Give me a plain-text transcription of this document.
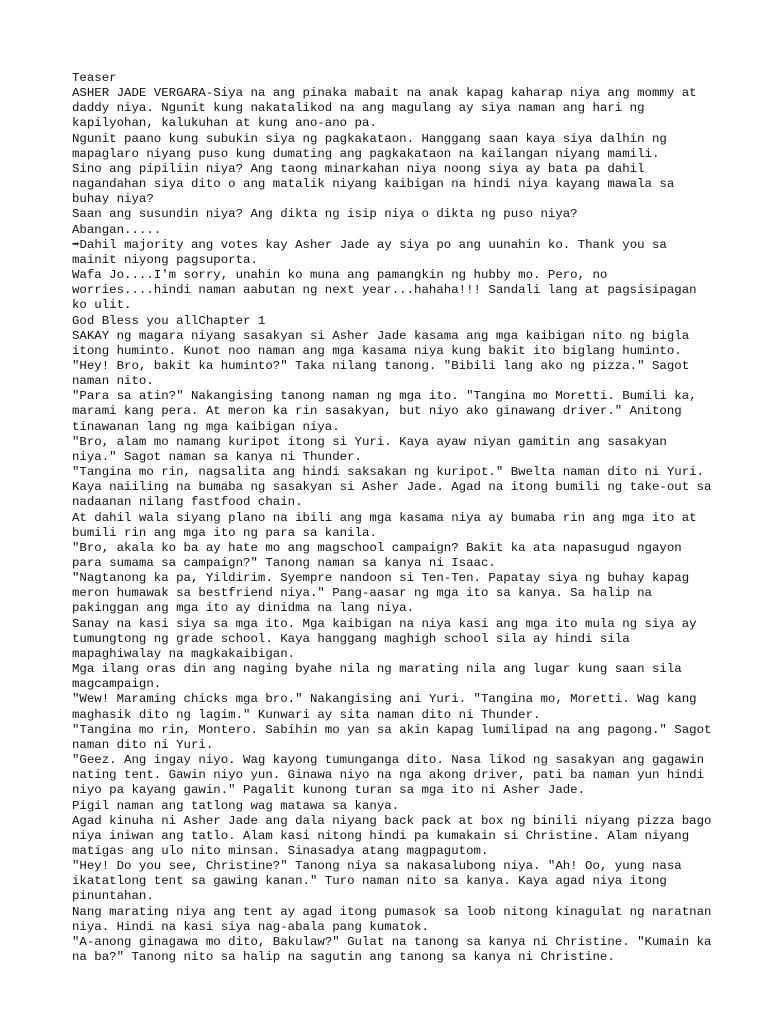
Teaser

ASHER JADE VERGARA-Siya na ang pinaka mabait na anak kapag kaharap niya ang mommy at daddy niya. Ngunit kung nakatalikod na ang magulang ay siya naman ang hari ng kapilyohan, kalukuhan at kung ano-ano pa.

Ngunit paano kung subukin siya ng pagkakataon. Hanggang saan kaya siya dalhin ng mapaglaro niyang puso kung dumating ang pagkakataon na kailangan niyang mamili.

Sino ang pipiliin niya? Ang taong minarkahan niya noong siya ay bata pa dahil nagandahan siya dito o ang matalik niyang kaibigan na hindi niya kayang mawala sa buhay niya?

Saan ang susundin niya? Ang dikta ng isip niya o dikta ng puso niya?

Abangan.....

➡Dahil majority ang votes kay Asher Jade ay siya po ang uunahin ko. Thank you sa mainit niyong pagsuporta.

Wafa Jo....I'm sorry, unahin ko muna ang pamangkin ng hubby mo. Pero, no worries....hindi naman aabutan ng next year...hahaha!!! Sandali lang at pagsisipagan ko ulit.

God Bless you allChapter 1

SAKAY ng magara niyang sasakyan si Asher Jade kasama ang mga kaibigan nito ng bigla itong huminto. Kunot noo naman ang mga kasama niya kung bakit ito biglang huminto.

"Hey! Bro, bakit ka huminto?" Taka nilang tanong. "Bibili lang ako ng pizza." Sagot naman nito.

"Para sa atin?" Nakangising tanong naman ng mga ito. "Tangina mo Moretti. Bumili ka, marami kang pera. At meron ka rin sasakyan, but niyo ako ginawang driver." Anitong tinawanan lang ng mga kaibigan niya.

"Bro, alam mo namang kuripot itong si Yuri. Kaya ayaw niyan gamitin ang sasakyan niya." Sagot naman sa kanya ni Thunder.

"Tangina mo rin, nagsalita ang hindi saksakan ng kuripot." Bwelta naman dito ni Yuri. Kaya naiiling na bumaba ng sasakyan si Asher Jade. Agad na itong bumili ng take-out sa nadaanan nilang fastfood chain.

At dahil wala siyang plano na ibili ang mga kasama niya ay bumaba rin ang mga ito at bumili rin ang mga ito ng para sa kanila.

"Bro, akala ko ba ay hate mo ang magschool campaign? Bakit ka ata napasugud ngayon para sumama sa campaign?" Tanong naman sa kanya ni Isaac.

"Nagtanong ka pa, Yildirim. Syempre nandoon si Ten-Ten. Papatay siya ng buhay kapag meron humawak sa bestfriend niya." Pang-aasar ng mga ito sa kanya. Sa halip na pakinggan ang mga ito ay dinidma na lang niya.

Sanay na kasi siya sa mga ito. Mga kaibigan na niya kasi ang mga ito mula ng siya ay tumungtong ng grade school. Kaya hanggang maghigh school sila ay hindi sila mapaghiwalay na magkakaibigan.

Mga ilang oras din ang naging byahe nila ng marating nila ang lugar kung saan sila magcampaign.

"Wew! Maraming chicks mga bro." Nakangising ani Yuri. "Tangina mo, Moretti. Wag kang maghasik dito ng lagim." Kunwari ay sita naman dito ni Thunder.

"Tangina mo rin, Montero. Sabihin mo yan sa akin kapag lumilipad na ang pagong." Sagot naman dito ni Yuri.

"Geez. Ang ingay niyo. Wag kayong tumunganga dito. Nasa likod ng sasakyan ang gagawin nating tent. Gawin niyo yun. Ginawa niyo na nga akong driver, pati ba naman yun hindi niyo pa kayang gawin." Pagalit kunong turan sa mga ito ni Asher Jade.

Pigil naman ang tatlong wag matawa sa kanya.

Agad kinuha ni Asher Jade ang dala niyang back pack at box ng binili niyang pizza bago niya iniwan ang tatlo. Alam kasi nitong hindi pa kumakain si Christine. Alam niyang matigas ang ulo nito minsan. Sinasadya atang magpagutom.

"Hey! Do you see, Christine?" Tanong niya sa nakasalubong niya. "Ah! Oo, yung nasa ikatatlong tent sa gawing kanan." Turo naman nito sa kanya. Kaya agad niya itong pinuntahan.

Nang marating niya ang tent ay agad itong pumasok sa loob nitong kinagulat ng naratnan niya. Hindi na kasi siya nag-abala pang kumatok.

"A-anong ginagawa mo dito, Bakulaw?" Gulat na tanong sa kanya ni Christine. "Kumain ka na ba?" Tanong nito sa halip na sagutin ang tanong sa kanya ni Christine.
